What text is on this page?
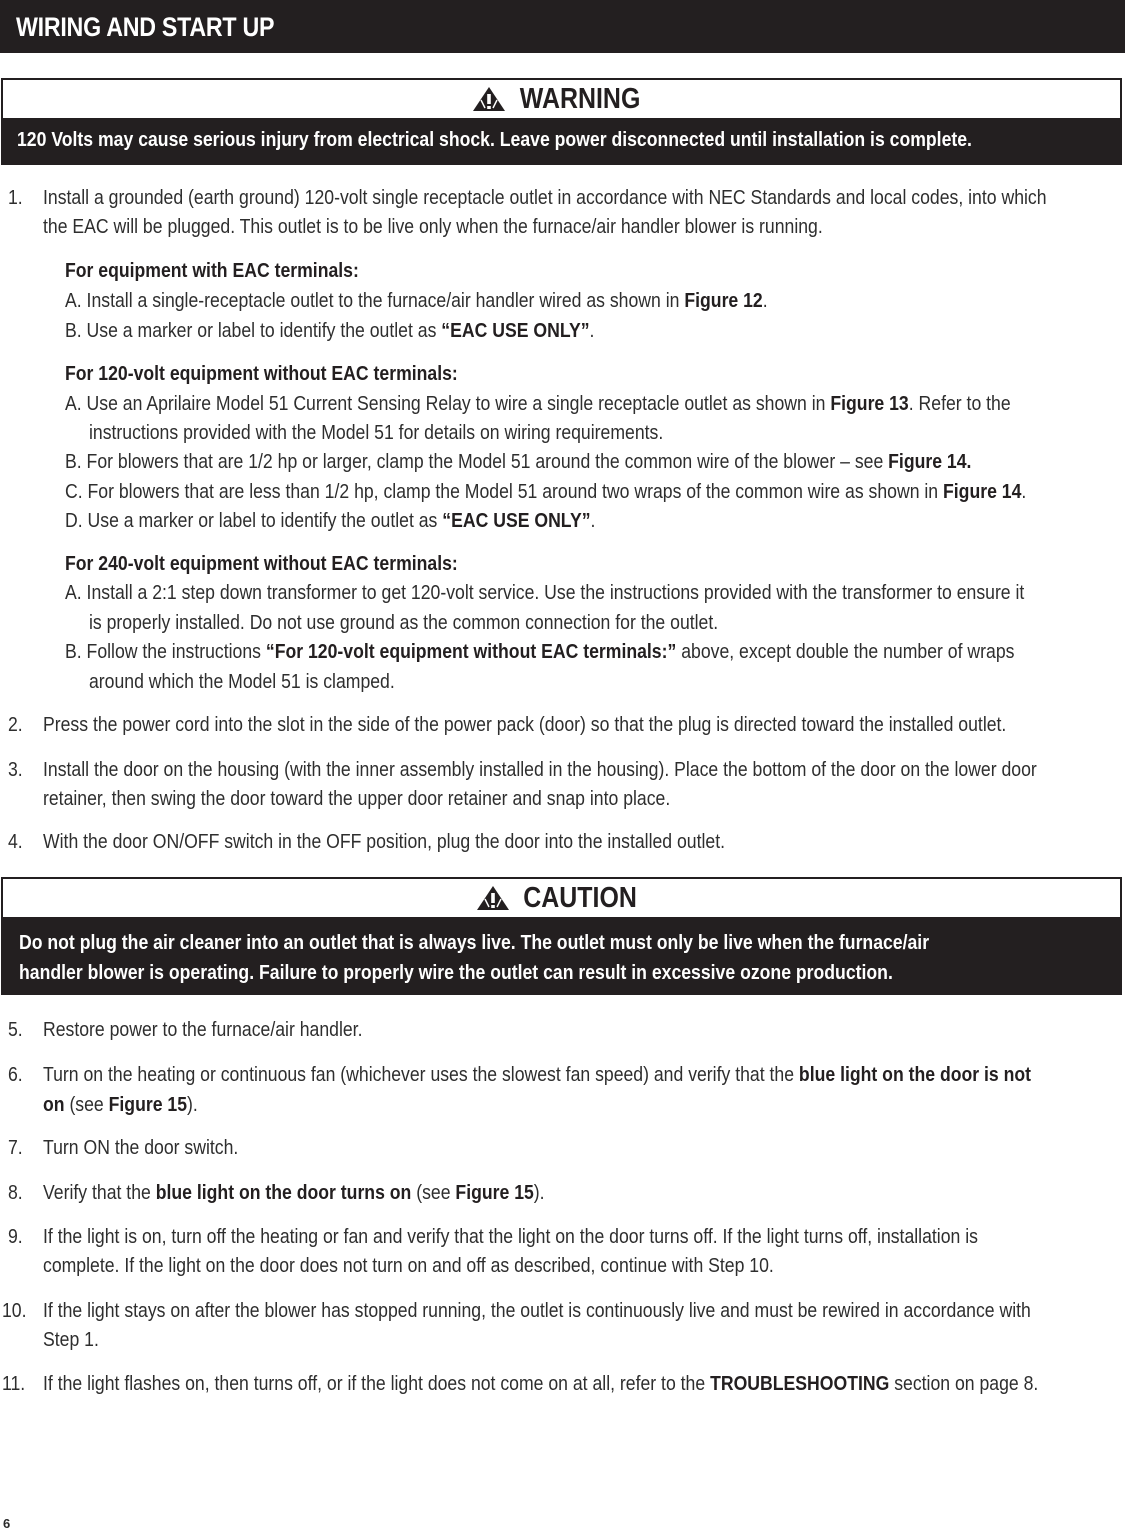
WIRING AND START UP
WARNING
120 Volts may cause serious injury from electrical shock. Leave power disconnected until installation is complete.
1. Install a grounded (earth ground) 120-volt single receptacle outlet in accordance with NEC Standards and local codes, into which
the EAC will be plugged. This outlet is to be live only when the furnace/air handler blower is running.
For equipment with EAC terminals:
A. Install a single-receptacle outlet to the furnace/air handler wired as shown in Figure 12.
B. Use a marker or label to identify the outlet as “EAC USE ONLY”.
For 120-volt equipment without EAC terminals:
A. Use an Aprilaire Model 51 Current Sensing Relay to wire a single receptacle outlet as shown in Figure 13. Refer to the
instructions provided with the Model 51 for details on wiring requirements.
B. For blowers that are 1/2 hp or larger, clamp the Model 51 around the common wire of the blower – see Figure 14.
C. For blowers that are less than 1/2 hp, clamp the Model 51 around two wraps of the common wire as shown in Figure 14.
D. Use a marker or label to identify the outlet as “EAC USE ONLY”.
For 240-volt equipment without EAC terminals:
A. Install a 2:1 step down transformer to get 120-volt service. Use the instructions provided with the transformer to ensure it
is properly installed. Do not use ground as the common connection for the outlet.
B. Follow the instructions “For 120-volt equipment without EAC terminals:” above, except double the number of wraps
around which the Model 51 is clamped.
2. Press the power cord into the slot in the side of the power pack (door) so that the plug is directed toward the installed outlet.
3. Install the door on the housing (with the inner assembly installed in the housing). Place the bottom of the door on the lower door
retainer, then swing the door toward the upper door retainer and snap into place.
4. With the door ON/OFF switch in the OFF position, plug the door into the installed outlet.
CAUTION
Do not plug the air cleaner into an outlet that is always live. The outlet must only be live when the furnace/air
handler blower is operating. Failure to properly wire the outlet can result in excessive ozone production.
5. Restore power to the furnace/air handler.
6. Turn on the heating or continuous fan (whichever uses the slowest fan speed) and verify that the blue light on the door is not
on (see Figure 15).
7. Turn ON the door switch.
8. Verify that the blue light on the door turns on (see Figure 15).
9. If the light is on, turn off the heating or fan and verify that the light on the door turns off. If the light turns off, installation is
complete. If the light on the door does not turn on and off as described, continue with Step 10.
10. If the light stays on after the blower has stopped running, the outlet is continuously live and must be rewired in accordance with
Step 1.
11. If the light flashes on, then turns off, or if the light does not come on at all, refer to the TROUBLESHOOTING section on page 8.
6
